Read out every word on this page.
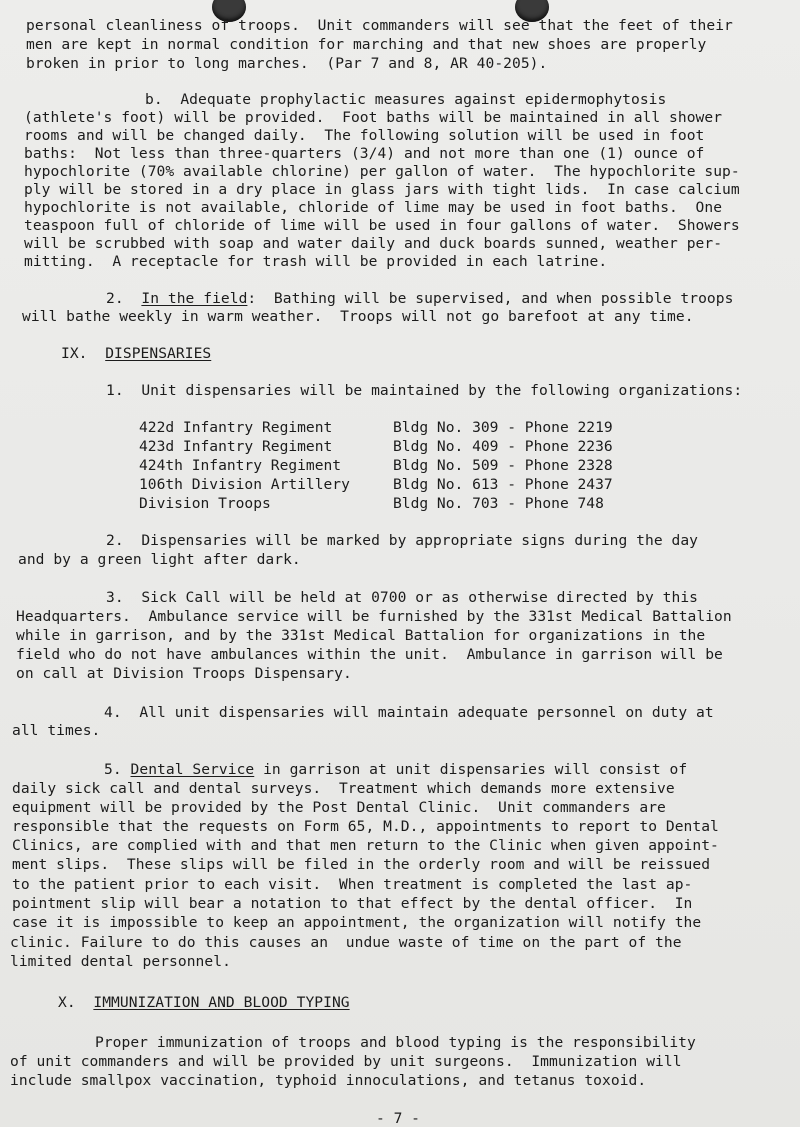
personal cleanliness of troops.  Unit commanders will see that the feet of their
men are kept in normal condition for marching and that new shoes are properly
broken in prior to long marches.  (Par 7 and 8, AR 40-205).
b.  Adequate prophylactic measures against epidermophytosis
(athlete's foot) will be provided.  Foot baths will be maintained in all shower
rooms and will be changed daily.  The following solution will be used in foot
baths:  Not less than three-quarters (3/4) and not more than one (1) ounce of
hypochlorite (70% available chlorine) per gallon of water.  The hypochlorite sup-
ply will be stored in a dry place in glass jars with tight lids.  In case calcium
hypochlorite is not available, chloride of lime may be used in foot baths.  One
teaspoon full of chloride of lime will be used in four gallons of water.  Showers
will be scrubbed with soap and water daily and duck boards sunned, weather per-
mitting.  A receptacle for trash will be provided in each latrine.
2. In the field:  Bathing will be supervised, and when possible troops
will bathe weekly in warm weather.  Troops will not go barefoot at any time.
IX. DISPENSARIES
1.  Unit dispensaries will be maintained by the following organizations:
422d Infantry Regiment	Bldg No. 309 - Phone 2219
423d Infantry Regiment	Bldg No. 409 - Phone 2236
424th Infantry Regiment	Bldg No. 509 - Phone 2328
106th Division Artillery	Bldg No. 613 - Phone 2437
Division Troops	Bldg No. 703 - Phone 748
2.  Dispensaries will be marked by appropriate signs during the day
and by a green light after dark.
3.  Sick Call will be held at 0700 or as otherwise directed by this
Headquarters.  Ambulance service will be furnished by the 331st Medical Battalion
while in garrison, and by the 331st Medical Battalion for organizations in the
field who do not have ambulances within the unit.  Ambulance in garrison will be
on call at Division Troops Dispensary.
4.  All unit dispensaries will maintain adequate personnel on duty at
all times.
5. Dental Service in garrison at unit dispensaries will consist of
daily sick call and dental surveys.  Treatment which demands more extensive
equipment will be provided by the Post Dental Clinic.  Unit commanders are
responsible that the requests on Form 65, M.D., appointments to report to Dental
Clinics, are complied with and that men return to the Clinic when given appoint-
ment slips.  These slips will be filed in the orderly room and will be reissued
to the patient prior to each visit.  When treatment is completed the last ap-
pointment slip will bear a notation to that effect by the dental officer.  In
case it is impossible to keep an appointment, the organization will notify the
clinic. Failure to do this causes an  undue waste of time on the part of the
limited dental personnel.
X. IMMUNIZATION AND BLOOD TYPING
Proper immunization of troops and blood typing is the responsibility
of unit commanders and will be provided by unit surgeons.  Immunization will
include smallpox vaccination, typhoid innoculations, and tetanus toxoid.
- 7 -
